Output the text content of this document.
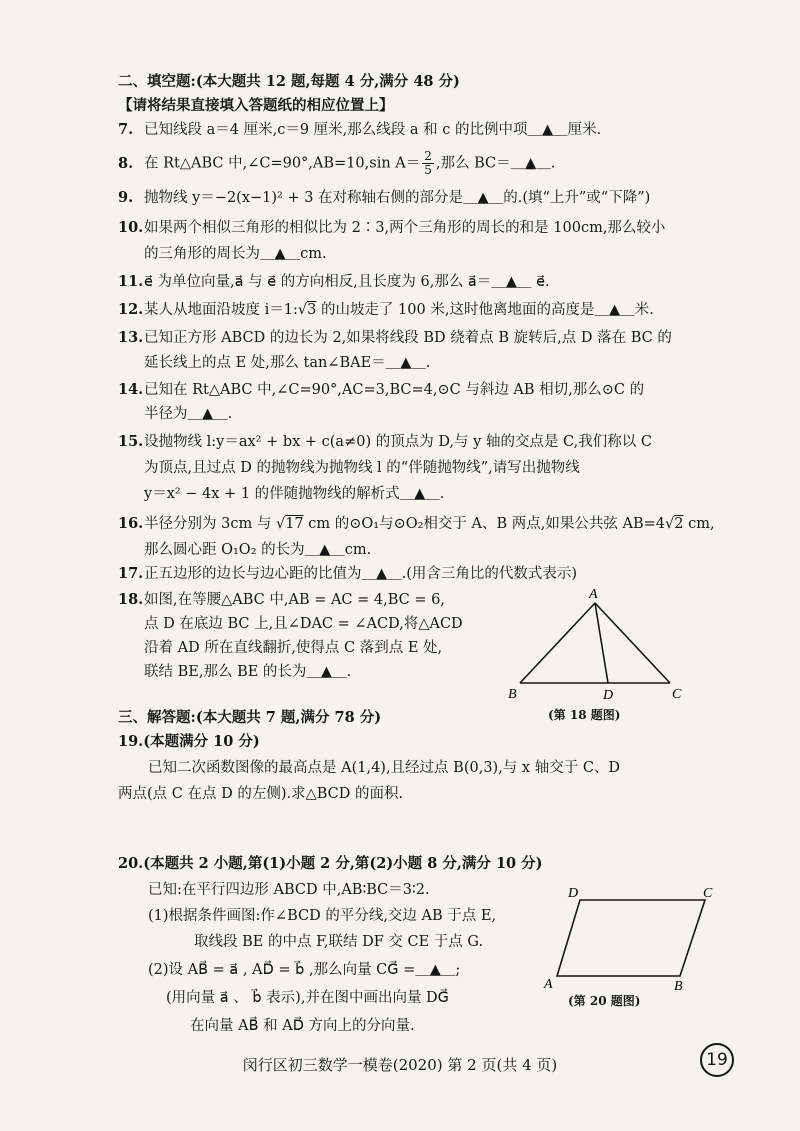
二、填空题:(本大题共 12 题,每题 4 分,满分 48 分)
【请将结果直接填入答题纸的相应位置上】
7. 已知线段 a＝4 厘米,c＝9 厘米,那么线段 a 和 c 的比例中项＿▲＿厘米.
8. 在 Rt△ABC 中,∠C=90°,AB=10,sin $A= \frac{2}{5}$ ,那么 BC＝＿▲＿.
9. 抛物线 y＝−2(x−1)² + 3 在对称轴右侧的部分是＿▲＿的.(填“上升”或“下降”)
10.如果两个相似三角形的相似比为 2∶3,两个三角形的周长的和是 100cm,那么较小
的三角形的周长为＿▲＿cm.
11.e⃗ 为单位向量,a⃗ 与 e⃗ 的方向相反,且长度为 6,那么 a⃗＝＿▲＿ e⃗.
12.某人从地面沿坡度 i＝1:√3 的山坡走了 100 米,这时他离地面的高度是＿▲＿米.
13.已知正方形 ABCD 的边长为 2,如果将线段 BD 绕着点 B 旋转后,点 D 落在 BC 的
延长线上的点 E 处,那么 tan∠BAE＝＿▲＿.
14.已知在 Rt△ABC 中,∠C=90°,AC=3,BC=4,⊙C 与斜边 AB 相切,那么⊙C 的
半径为＿▲＿.
15.设抛物线 l:y＝ax² + bx + c(a≠0) 的顶点为 D,与 y 轴的交点是 C,我们称以 C
为顶点,且过点 D 的抛物线为抛物线 l 的“伴随抛物线”,请写出抛物线
y＝x² − 4x + 1 的伴随抛物线的解析式＿▲＿.
16.半径分别为 3cm 与 √17 cm 的⊙O₁与⊙O₂相交于 A、B 两点,如果公共弦 AB=4√2 cm,
那么圆心距 O₁O₂ 的长为＿▲＿cm.
17.正五边形的边长与边心距的比值为＿▲＿.(用含三角比的代数式表示)
18.如图,在等腰△ABC 中,AB = AC = 4,BC = 6,
点 D 在底边 BC 上,且∠DAC = ∠ACD,将△ACD
沿着 AD 所在直线翻折,使得点 C 落到点 E 处,
联结 BE,那么 BE 的长为＿▲＿.
A
B	D	C
(第 18 题图)
三、解答题:(本大题共 7 题,满分 78 分)
19.(本题满分 10 分)
已知二次函数图像的最高点是 A(1,4),且经过点 B(0,3),与 x 轴交于 C、D
两点(点 C 在点 D 的左侧).求△BCD 的面积.
20.(本题共 2 小题,第(1)小题 2 分,第(2)小题 8 分,满分 10 分)
已知:在平行四边形 ABCD 中,AB∶BC＝3∶2.
(1)根据条件画图:作∠BCD 的平分线,交边 AB 于点 E,
取线段 BE 的中点 F,联结 DF 交 CE 于点 G.
(2)设 AB⃗ = a⃗ , AD⃗ = b⃗ ,那么向量 CG⃗ =＿▲＿;
(用向量 a⃗ 、 b⃗ 表示),并在图中画出向量 DG⃗
在向量 AB⃗ 和 AD⃗ 方向上的分向量.
D	C
A	B
(第 20 题图)
闵行区初三数学一模卷(2020) 第 2 页(共 4 页)	19
